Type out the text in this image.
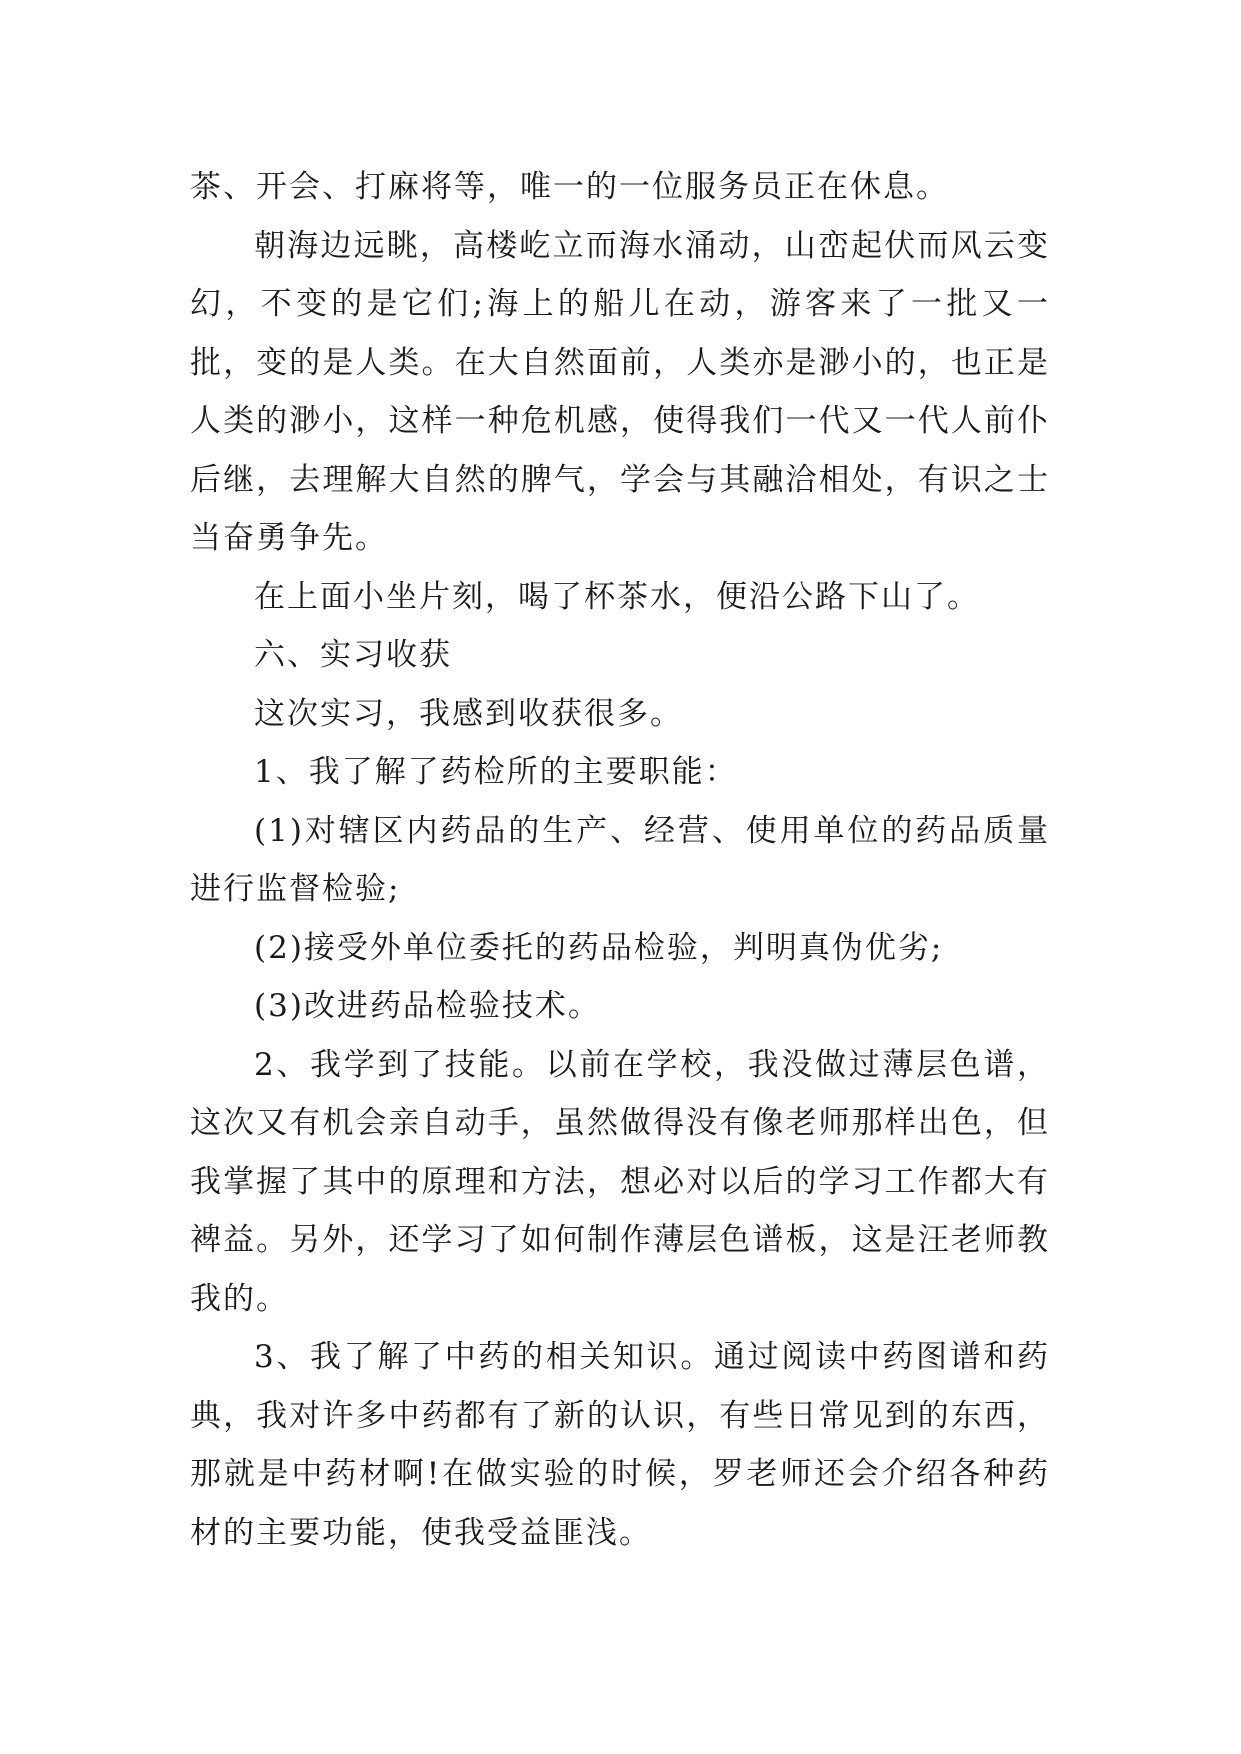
茶、开会、打麻将等，唯一的一位服务员正在休息。

朝海边远眺，高楼屹立而海水涌动，山峦起伏而风云变幻，不变的是它们;海上的船儿在动，游客来了一批又一批，变的是人类。在大自然面前，人类亦是渺小的，也正是人类的渺小，这样一种危机感，使得我们一代又一代人前仆后继，去理解大自然的脾气，学会与其融洽相处，有识之士当奋勇争先。

在上面小坐片刻，喝了杯茶水，便沿公路下山了。

六、实习收获

这次实习，我感到收获很多。

1、我了解了药检所的主要职能：

(1)对辖区内药品的生产、经营、使用单位的药品质量进行监督检验;

(2)接受外单位委托的药品检验，判明真伪优劣;

(3)改进药品检验技术。

2、我学到了技能。以前在学校，我没做过薄层色谱，这次又有机会亲自动手，虽然做得没有像老师那样出色，但我掌握了其中的原理和方法，想必对以后的学习工作都大有裨益。另外，还学习了如何制作薄层色谱板，这是汪老师教我的。

3、我了解了中药的相关知识。通过阅读中药图谱和药典，我对许多中药都有了新的认识，有些日常见到的东西，那就是中药材啊!在做实验的时候，罗老师还会介绍各种药材的主要功能，使我受益匪浅。
